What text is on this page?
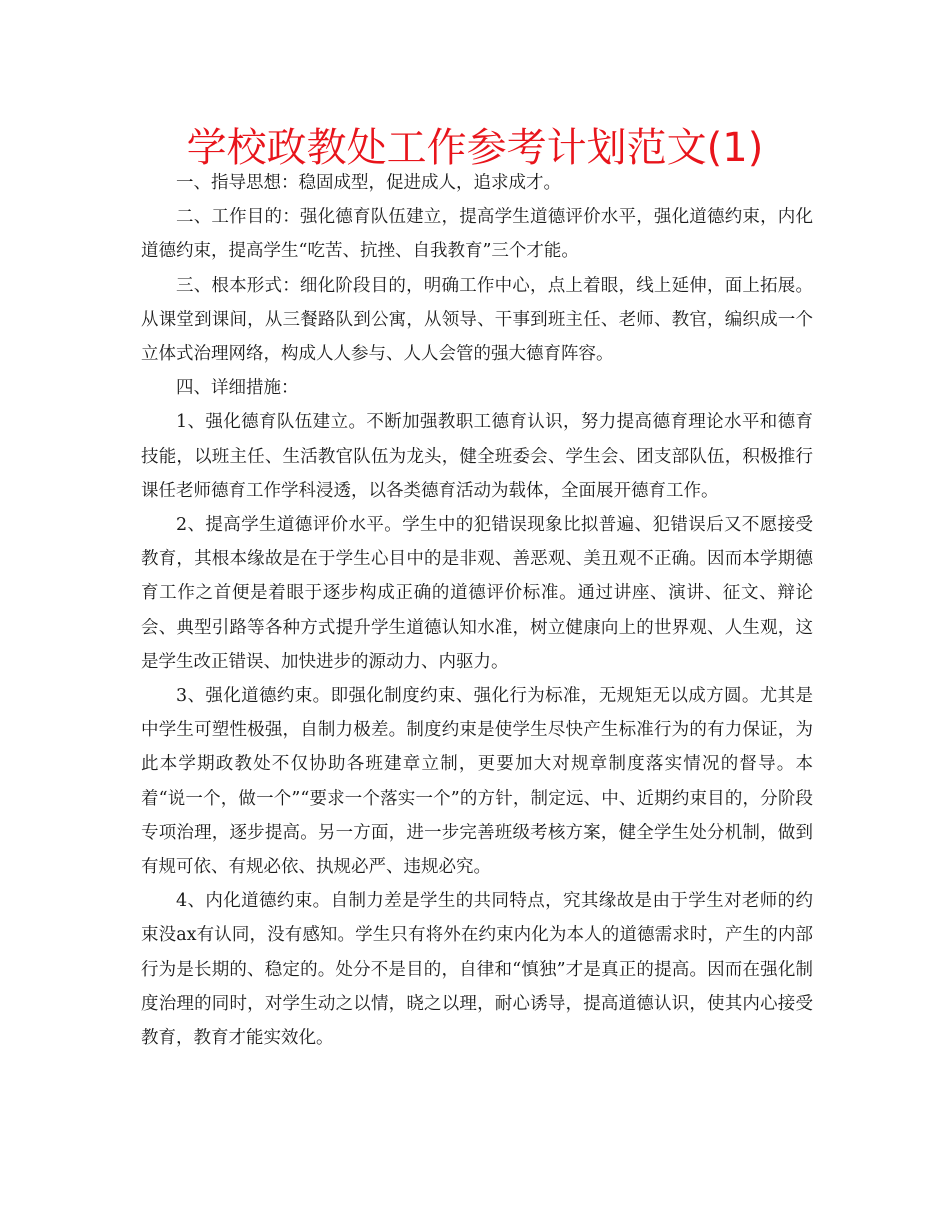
学校政教处工作参考计划范文(1)

一、指导思想：稳固成型，促进成人，追求成才。

二、工作目的：强化德育队伍建立，提高学生道德评价水平，强化道德约束，内化道德约束，提高学生“吃苦、抗挫、自我教育”三个才能。

三、根本形式：细化阶段目的，明确工作中心，点上着眼，线上延伸，面上拓展。从课堂到课间，从三餐路队到公寓，从领导、干事到班主任、老师、教官，编织成一个立体式治理网络，构成人人参与、人人会管的强大德育阵容。

四、详细措施：

1、强化德育队伍建立。不断加强教职工德育认识，努力提高德育理论水平和德育技能，以班主任、生活教官队伍为龙头，健全班委会、学生会、团支部队伍，积极推行课任老师德育工作学科浸透，以各类德育活动为载体，全面展开德育工作。

2、提高学生道德评价水平。学生中的犯错误现象比拟普遍、犯错误后又不愿接受教育，其根本缘故是在于学生心目中的是非观、善恶观、美丑观不正确。因而本学期德育工作之首便是着眼于逐步构成正确的道德评价标准。通过讲座、演讲、征文、辩论会、典型引路等各种方式提升学生道德认知水准，树立健康向上的世界观、人生观，这是学生改正错误、加快进步的源动力、内驱力。

3、强化道德约束。即强化制度约束、强化行为标准，无规矩无以成方圆。尤其是中学生可塑性极强，自制力极差。制度约束是使学生尽快产生标准行为的有力保证，为此本学期政教处不仅协助各班建章立制，更要加大对规章制度落实情况的督导。本着“说一个，做一个”“要求一个落实一个”的方针，制定远、中、近期约束目的，分阶段专项治理，逐步提高。另一方面，进一步完善班级考核方案，健全学生处分机制，做到有规可依、有规必依、执规必严、违规必究。

4、内化道德约束。自制力差是学生的共同特点，究其缘故是由于学生对老师的约束没ax有认同，没有感知。学生只有将外在约束内化为本人的道德需求时，产生的内部行为是长期的、稳定的。处分不是目的，自律和“慎独”才是真正的提高。因而在强化制度治理的同时，对学生动之以情，晓之以理，耐心诱导，提高道德认识，使其内心接受教育，教育才能实效化。
